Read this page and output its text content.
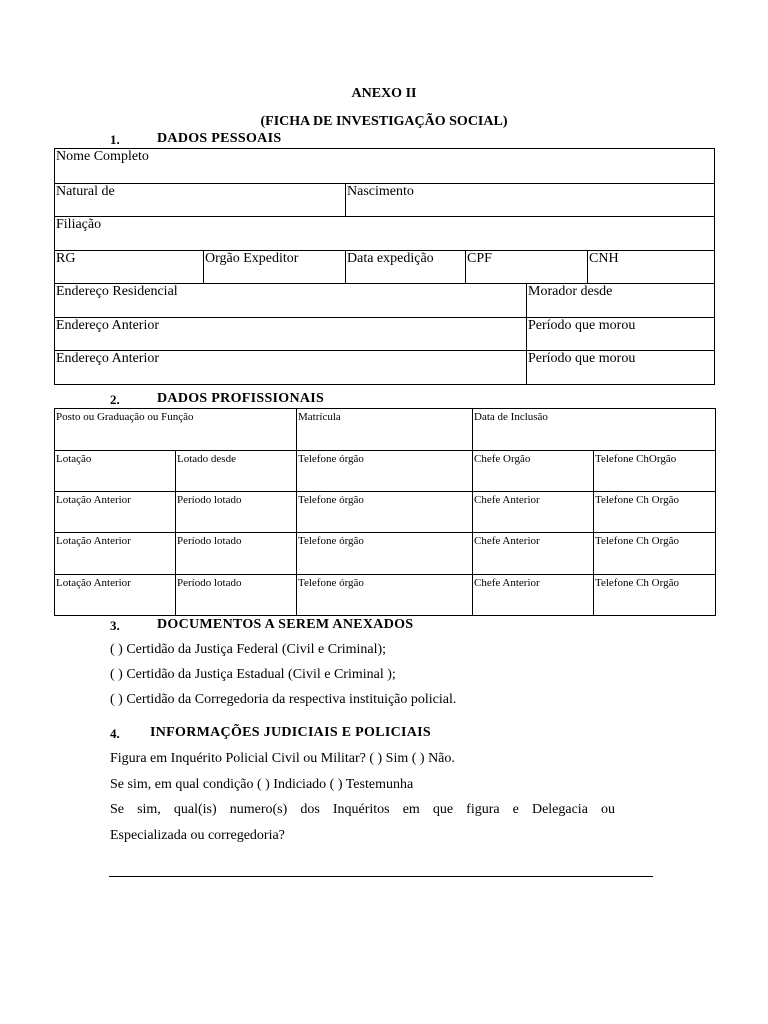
ANEXO II
(FICHA DE INVESTIGAÇÃO SOCIAL)
1.	DADOS PESSOAIS
Nome Completo					
Natural de		Nascimento			
Filiação					
RG	Orgão Expeditor	Data expedição	CPF		CNH
Endereço Residencial				Morador desde	
Endereço Anterior				Período que morou	
Endereço Anterior				Período que morou	
2.	DADOS PROFISSIONAIS
Posto ou Graduação ou Função		Matrícula	Data de Inclusão	
Lotação	Lotado desde	Telefone órgão	Chefe Orgão	Telefone ChOrgão
Lotação Anterior	Período lotado	Telefone órgão	Chefe Anterior	Telefone Ch Orgão
Lotação Anterior	Período lotado	Telefone órgão	Chefe Anterior	Telefone Ch Orgão
Lotação Anterior	Período lotado	Telefone órgão	Chefe Anterior	Telefone Ch Orgão
3.	DOCUMENTOS A SEREM ANEXADOS
( ) Certidão da Justiça Federal (Civil e Criminal);
( ) Certidão da Justiça Estadual (Civil e Criminal );
( ) Certidão da Corregedoria da respectiva instituição policial.
4. INFORMAÇÕES JUDICIAIS E POLICIAIS
Figura em Inquérito Policial Civil ou Militar? ( ) Sim ( ) Não.
Se sim, em qual condição ( ) Indiciado ( ) Testemunha
Se sim, qual(is) numero(s) dos Inquéritos em que figura e Delegacia ou
Especializada ou corregedoria?
